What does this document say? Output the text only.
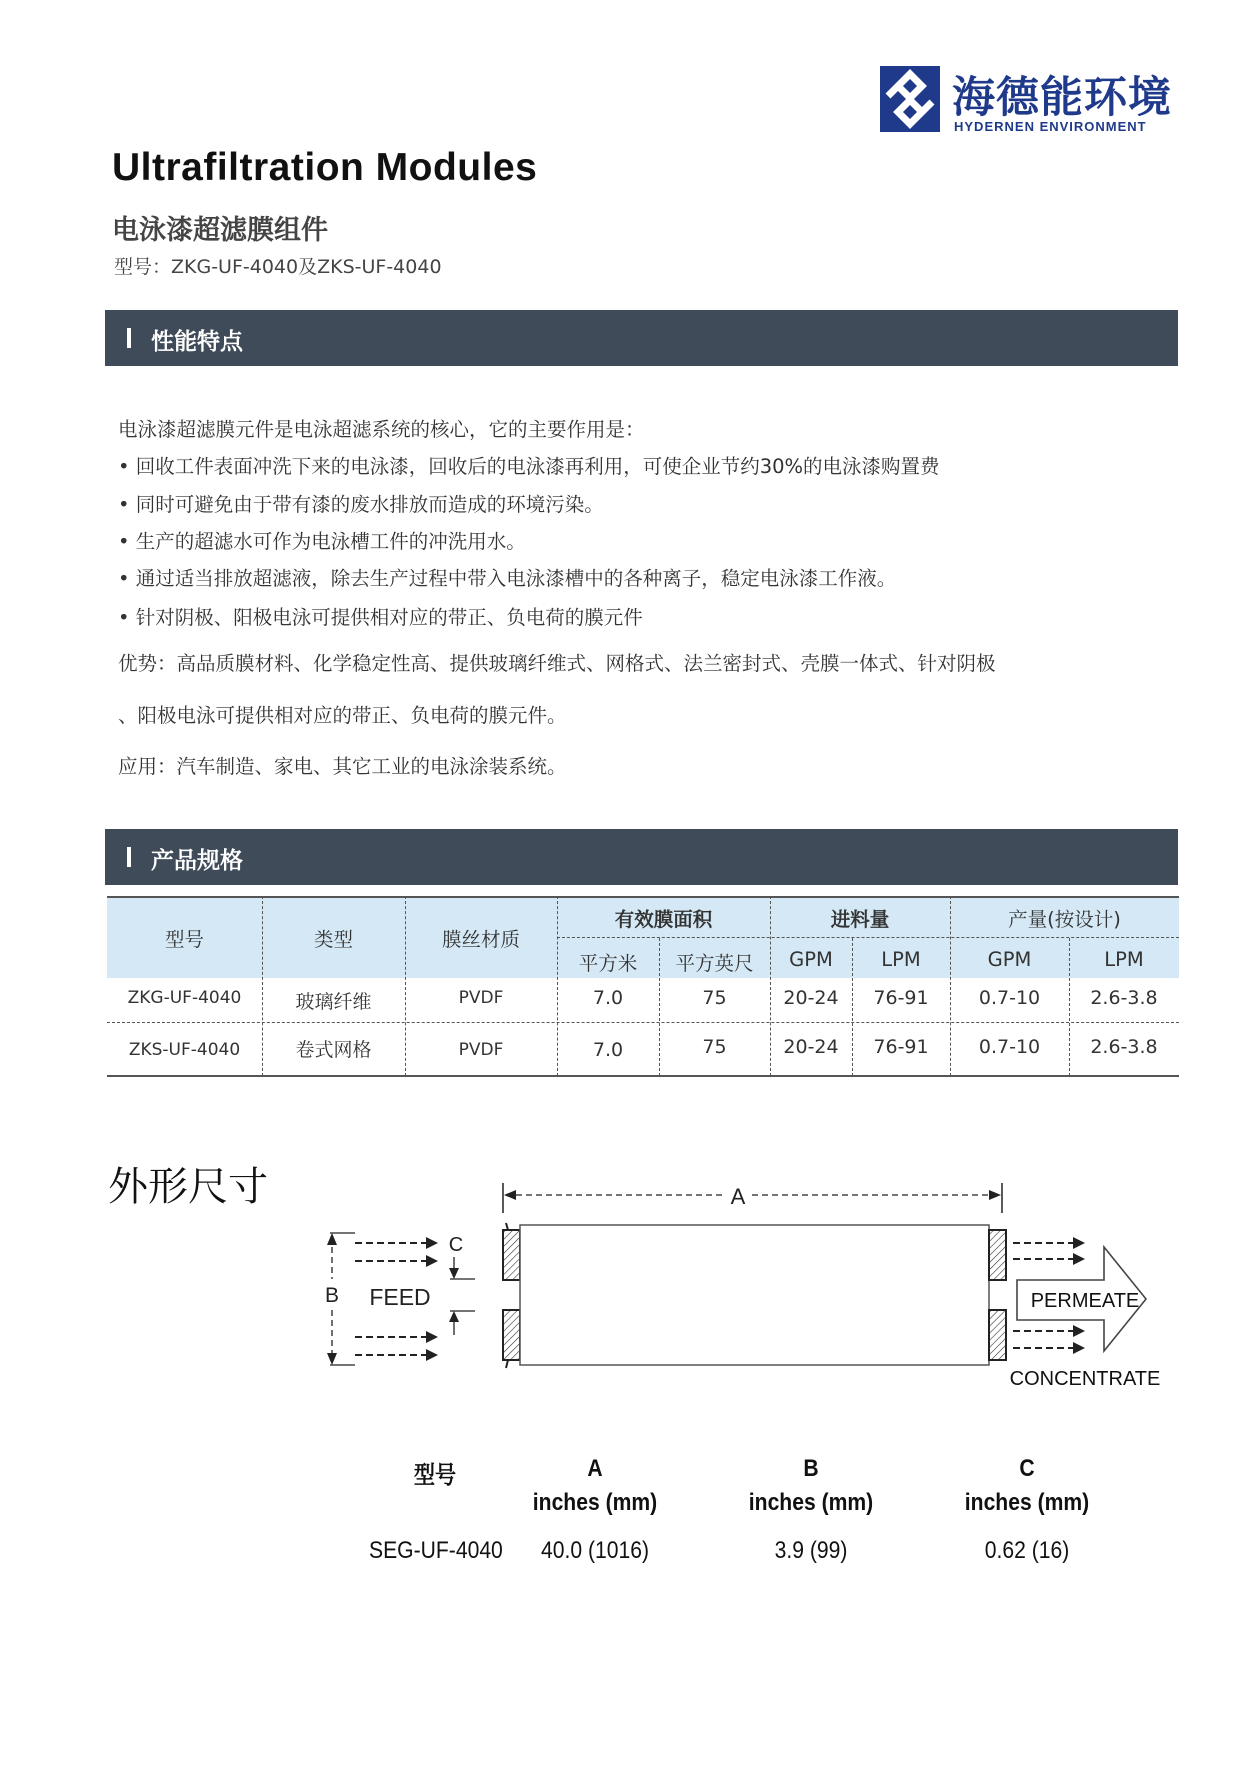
Ultrafiltration Modules
电泳漆超滤膜组件
型号：ZKG-UF-4040及ZKS-UF-4040
海德能环境
HYDERNEN ENVIRONMENT
性能特点
电泳漆超滤膜元件是电泳超滤系统的核心，它的主要作用是：
• 回收工件表面冲洗下来的电泳漆，回收后的电泳漆再利用，可使企业节约30%的电泳漆购置费
• 同时可避免由于带有漆的废水排放而造成的环境污染。
• 生产的超滤水可作为电泳槽工件的冲洗用水。
• 通过适当排放超滤液，除去生产过程中带入电泳漆槽中的各种离子，稳定电泳漆工作液。
• 针对阴极、阳极电泳可提供相对应的带正、负电荷的膜元件
优势：高品质膜材料、化学稳定性高、提供玻璃纤维式、网格式、法兰密封式、壳膜一体式、针对阴极
、阳极电泳可提供相对应的带正、负电荷的膜元件。
应用：汽车制造、家电、其它工业的电泳涂装系统。
产品规格
型号	类型	膜丝材质
有效膜面积	进料量	产量(按设计)
平方米	平方英尺	GPM	LPM	GPM	LPM
ZKG-UF-4040	玻璃纤维	PVDF	7.0	75	20-24	76-91	0.7-10	2.6-3.8
ZKS-UF-4040	卷式网格	PVDF	7.0	75	20-24	76-91	0.7-10	2.6-3.8
外形尺寸	A
B
C
FEED	PERMEATE
CONCENTRATE
型号	A
inches (mm)
B
inches (mm)
C
inches (mm)
SEG-UF-4040	40.0 (1016)	3.9 (99)	0.62 (16)
